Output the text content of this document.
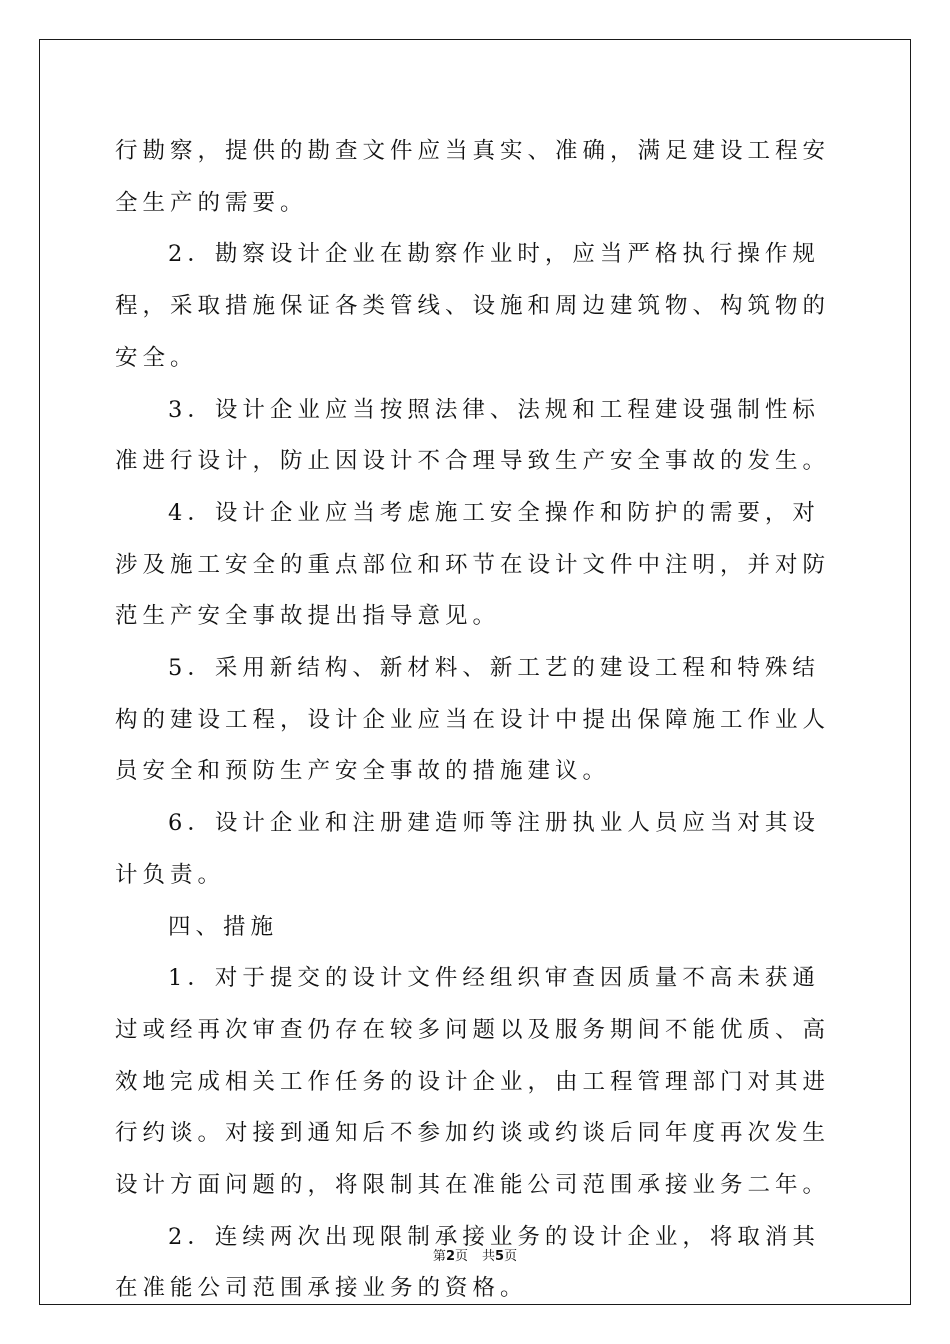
行勘察，提供的勘查文件应当真实、准确，满足建设工程安全生产的需要。

2．勘察设计企业在勘察作业时，应当严格执行操作规程，采取措施保证各类管线、设施和周边建筑物、构筑物的安全。

3．设计企业应当按照法律、法规和工程建设强制性标准进行设计，防止因设计不合理导致生产安全事故的发生。

4．设计企业应当考虑施工安全操作和防护的需要，对涉及施工安全的重点部位和环节在设计文件中注明，并对防范生产安全事故提出指导意见。

5．采用新结构、新材料、新工艺的建设工程和特殊结构的建设工程，设计企业应当在设计中提出保障施工作业人员安全和预防生产安全事故的措施建议。

6．设计企业和注册建造师等注册执业人员应当对其设计负责。

四、措施

1．对于提交的设计文件经组织审查因质量不高未获通过或经再次审查仍存在较多问题以及服务期间不能优质、高效地完成相关工作任务的设计企业，由工程管理部门对其进行约谈。对接到通知后不参加约谈或约谈后同年度再次发生设计方面问题的，将限制其在准能公司范围承接业务二年。

2．连续两次出现限制承接业务的设计企业，将取消其在准能公司范围承接业务的资格。

第2页 共5页
